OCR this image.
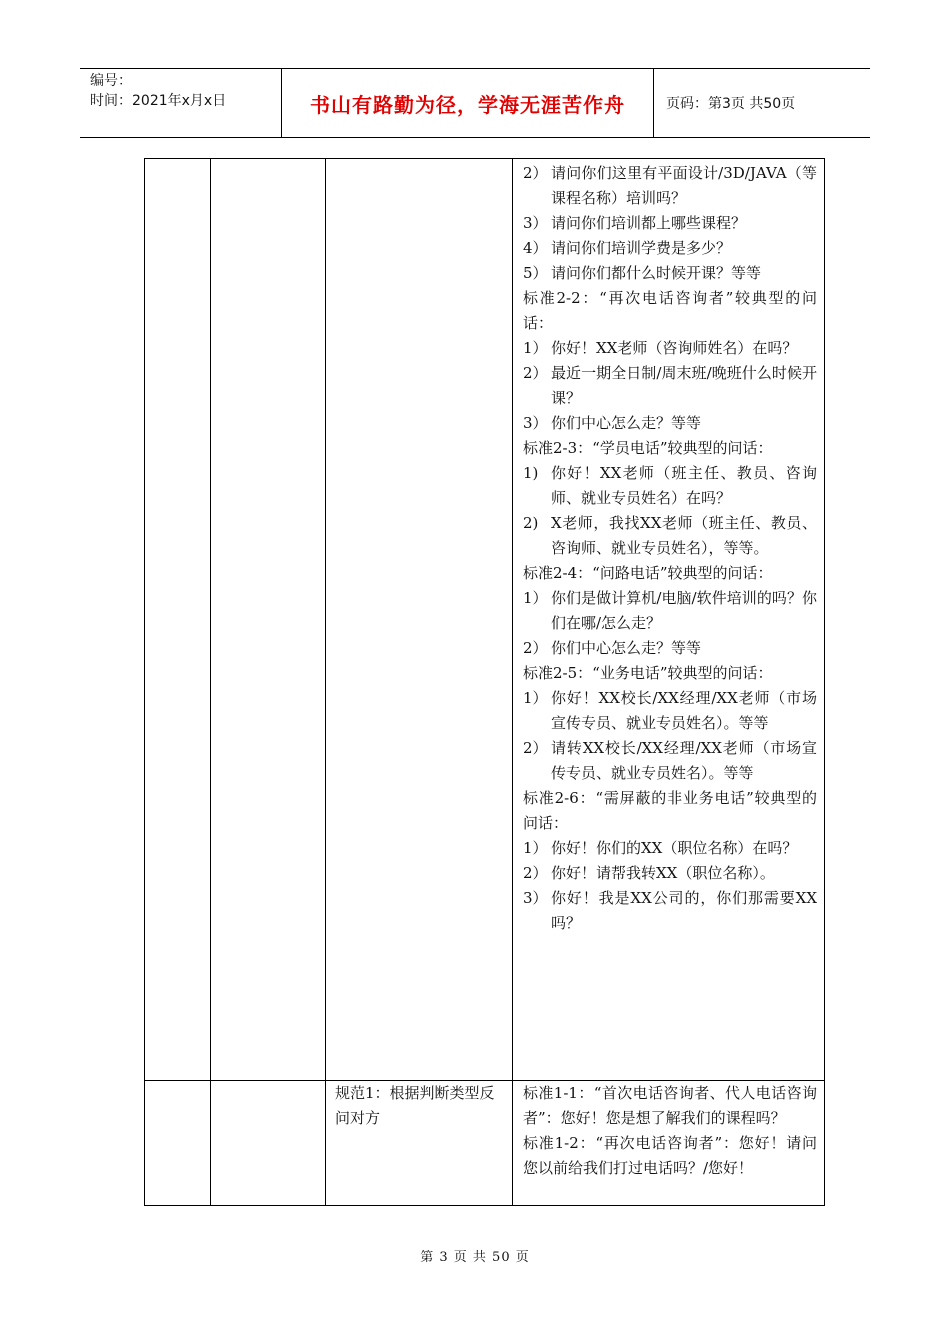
编号：
时间：2021年x月x日	书山有路勤为径，学海无涯苦作舟	页码：第3页 共50页
2） 请问你们这里有平面设计/3D/JAVA（等课程名称）培训吗？
3） 请问你们培训都上哪些课程？
4） 请问你们培训学费是多少？
5） 请问你们都什么时候开课？等等
标准2-2：“再次电话咨询者”较典型的问话：
1） 你好！XX老师（咨询师姓名）在吗？
2） 最近一期全日制/周末班/晚班什么时候开课？
3） 你们中心怎么走？等等
标准2-3：“学员电话”较典型的问话：
1) 你好！XX老师（班主任、教员、咨询师、就业专员姓名）在吗？
2) X老师，我找XX老师（班主任、教员、咨询师、就业专员姓名），等等。
标准2-4：“问路电话”较典型的问话：
1） 你们是做计算机/电脑/软件培训的吗？你们在哪/怎么走？
2） 你们中心怎么走？等等
标准2-5：“业务电话”较典型的问话：
1） 你好！XX校长/XX经理/XX老师（市场宣传专员、就业专员姓名）。等等
2） 请转XX校长/XX经理/XX老师（市场宣传专员、就业专员姓名）。等等
标准2-6：“需屏蔽的非业务电话”较典型的问话：
1） 你好！你们的XX（职位名称）在吗？
2） 你好！请帮我转XX（职位名称）。
3） 你好！我是XX公司的，你们那需要XX吗？
规范1：根据判断类型反问对方
标准1-1：“首次电话咨询者、代人电话咨询者”：您好！您是想了解我们的课程吗？
标准1-2：“再次电话咨询者”：您好！请问您以前给我们打过电话吗？/您好！
第 3 页 共 50 页
